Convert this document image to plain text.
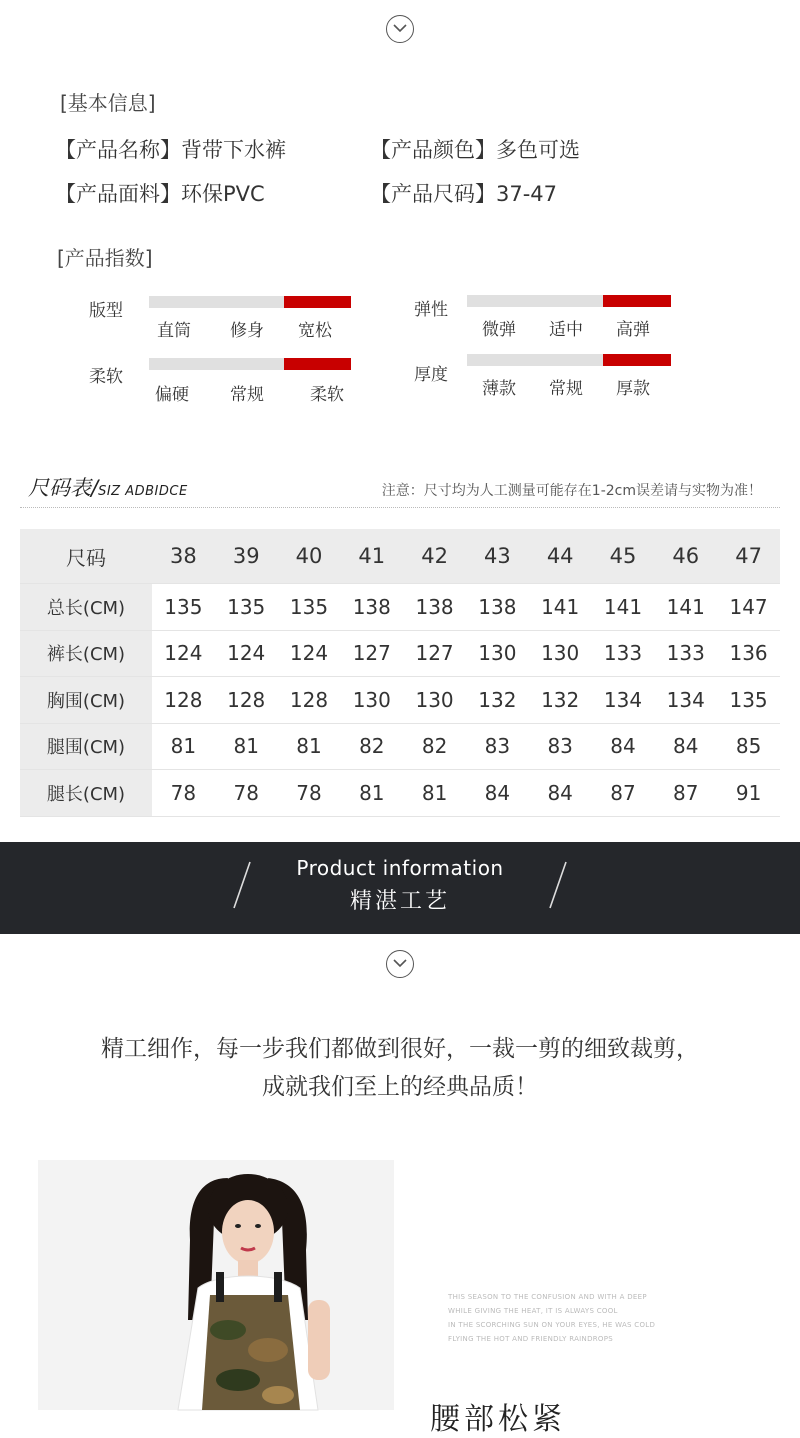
[基本信息]
【产品名称】背带下水裤	【产品颜色】多色可选
【产品面料】环保PVC	【产品尺码】37-47
[产品指数]
版型
直筒 修身 宽松
弹性
微弹 适中 高弹
柔软
偏硬 常规	柔软
厚度
薄款 常规 厚款
尺码表/SIZ ADBIDCE	注意：尺寸均为人工测量可能存在1-2cm误差请与实物为准！
尺码	38	39	40	41	42	43	44	45	46	47
总长(CM)	135	135	135	138	138	138	141	141	141	147
裤长(CM)	124	124	124	127	127	130	130	133	133	136
胸围(CM)	128	128	128	130	130	132	132	134	134	135
腿围(CM)	81	81	81	82	82	83	83	84	84	85
腿长(CM)	78	78	78	81	81	84	84	87	87	91
Product information
精湛工艺
精工细作，每一步我们都做到很好，一裁一剪的细致裁剪，
成就我们至上的经典品质！
THIS SEASON TO THE CONFUSION AND WITH A DEEP
WHILE GIVING THE HEAT, IT IS ALWAYS COOL
IN THE SCORCHING SUN ON YOUR EYES, HE WAS COLD
FLYING THE HOT AND FRIENDLY RAINDROPS
腰部松紧
